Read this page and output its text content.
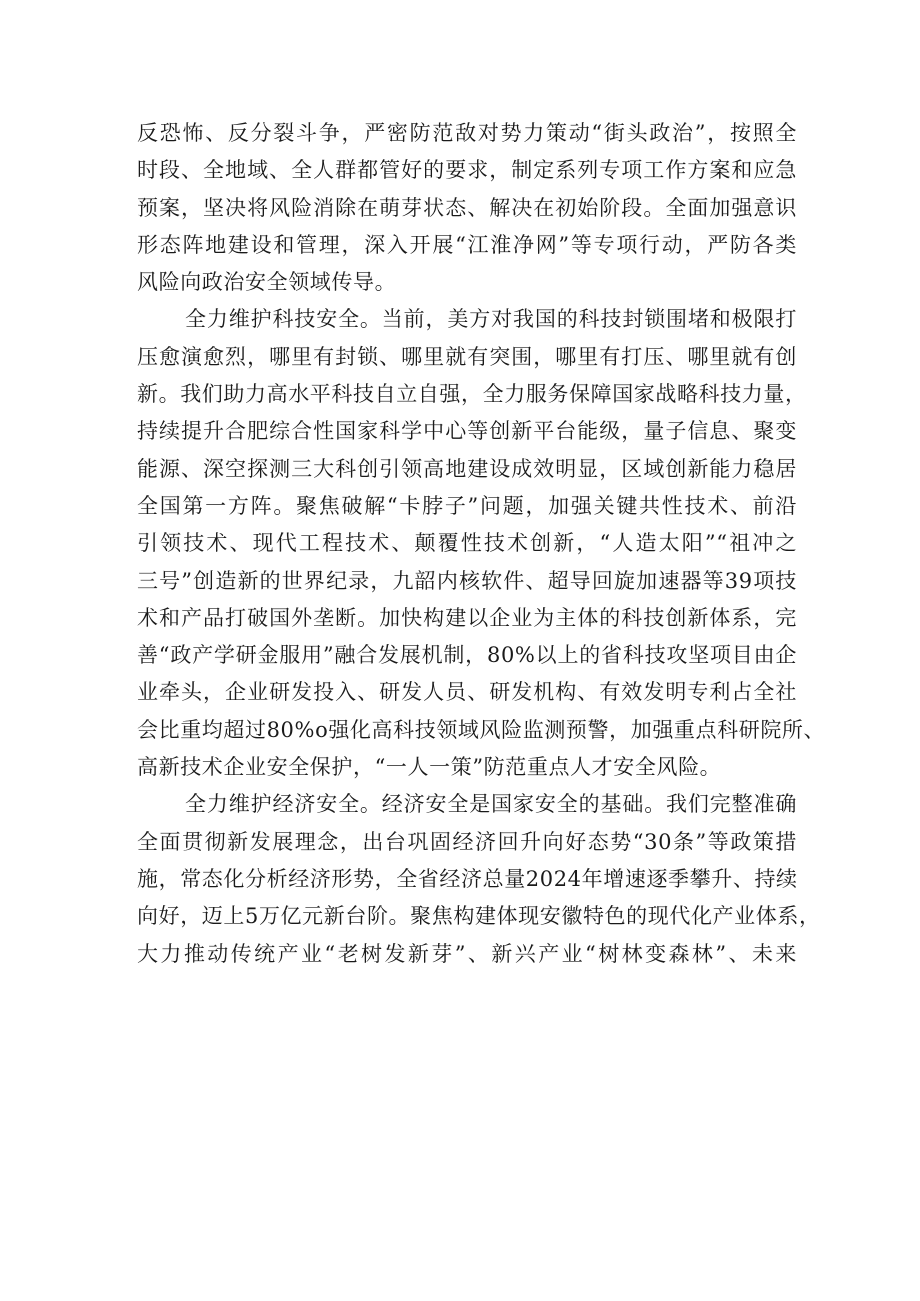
反恐怖、反分裂斗争，严密防范敌对势力策动“街头政治”，按照全
时段、全地域、全人群都管好的要求，制定系列专项工作方案和应急
预案，坚决将风险消除在萌芽状态、解决在初始阶段。全面加强意识
形态阵地建设和管理，深入开展“江淮净网”等专项行动，严防各类
风险向政治安全领域传导。
全力维护科技安全。当前，美方对我国的科技封锁围堵和极限打
压愈演愈烈，哪里有封锁、哪里就有突围，哪里有打压、哪里就有创
新。我们助力高水平科技自立自强，全力服务保障国家战略科技力量，
持续提升合肥综合性国家科学中心等创新平台能级，量子信息、聚变
能源、深空探测三大科创引领高地建设成效明显，区域创新能力稳居
全国第一方阵。聚焦破解“卡脖子”问题，加强关键共性技术、前沿
引领技术、现代工程技术、颠覆性技术创新，“人造太阳”“祖冲之
三号”创造新的世界纪录，九韶内核软件、超导回旋加速器等39项技
术和产品打破国外垄断。加快构建以企业为主体的科技创新体系，完
善“政产学研金服用”融合发展机制，80%以上的省科技攻坚项目由企
业牵头，企业研发投入、研发人员、研发机构、有效发明专利占全社
会比重均超过80%o强化高科技领域风险监测预警，加强重点科研院所、
高新技术企业安全保护，“一人一策”防范重点人才安全风险。
全力维护经济安全。经济安全是国家安全的基础。我们完整准确
全面贯彻新发展理念，出台巩固经济回升向好态势“30条”等政策措
施，常态化分析经济形势，全省经济总量2024年增速逐季攀升、持续
向好，迈上5万亿元新台阶。聚焦构建体现安徽特色的现代化产业体系，
大力推动传统产业“老树发新芽”、新兴产业“树林变森林”、未来
